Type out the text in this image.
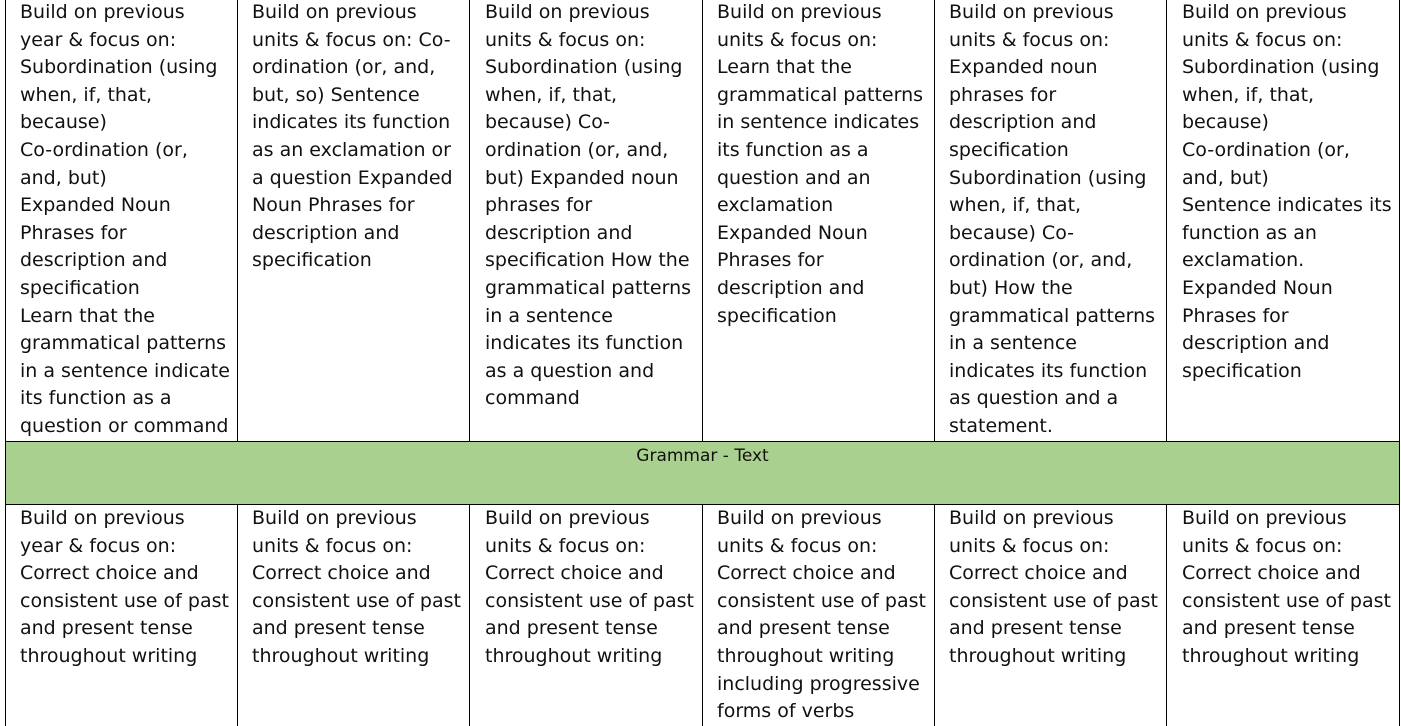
Build on previous
year & focus on:
Subordination (using
when, if, that,
because)
Co-ordination (or,
and, but)
Expanded Noun
Phrases for
description and
specification
Learn that the
grammatical patterns
in a sentence indicate
its function as a
question or command
Build on previous
units & focus on: Co-
ordination (or, and,
but, so) Sentence
indicates its function
as an exclamation or
a question Expanded
Noun Phrases for
description and
specification
Build on previous
units & focus on:
Subordination (using
when, if, that,
because) Co-
ordination (or, and,
but) Expanded noun
phrases for
description and
specification How the
grammatical patterns
in a sentence
indicates its function
as a question and
command
Build on previous
units & focus on:
Learn that the
grammatical patterns
in sentence indicates
its function as a
question and an
exclamation
Expanded Noun
Phrases for
description and
specification
Build on previous
units & focus on:
Expanded noun
phrases for
description and
specification
Subordination (using
when, if, that,
because) Co-
ordination (or, and,
but) How the
grammatical patterns
in a sentence
indicates its function
as question and a
statement.
Build on previous
units & focus on:
Subordination (using
when, if, that,
because)
Co-ordination (or,
and, but)
Sentence indicates its
function as an
exclamation.
Expanded Noun
Phrases for
description and
specification
Grammar - Text
Build on previous
year & focus on:
Correct choice and
consistent use of past
and present tense
throughout writing
Build on previous
units & focus on:
Correct choice and
consistent use of past
and present tense
throughout writing
Build on previous
units & focus on:
Correct choice and
consistent use of past
and present tense
throughout writing
Build on previous
units & focus on:
Correct choice and
consistent use of past
and present tense
throughout writing
including progressive
forms of verbs
Build on previous
units & focus on:
Correct choice and
consistent use of past
and present tense
throughout writing
Build on previous
units & focus on:
Correct choice and
consistent use of past
and present tense
throughout writing
